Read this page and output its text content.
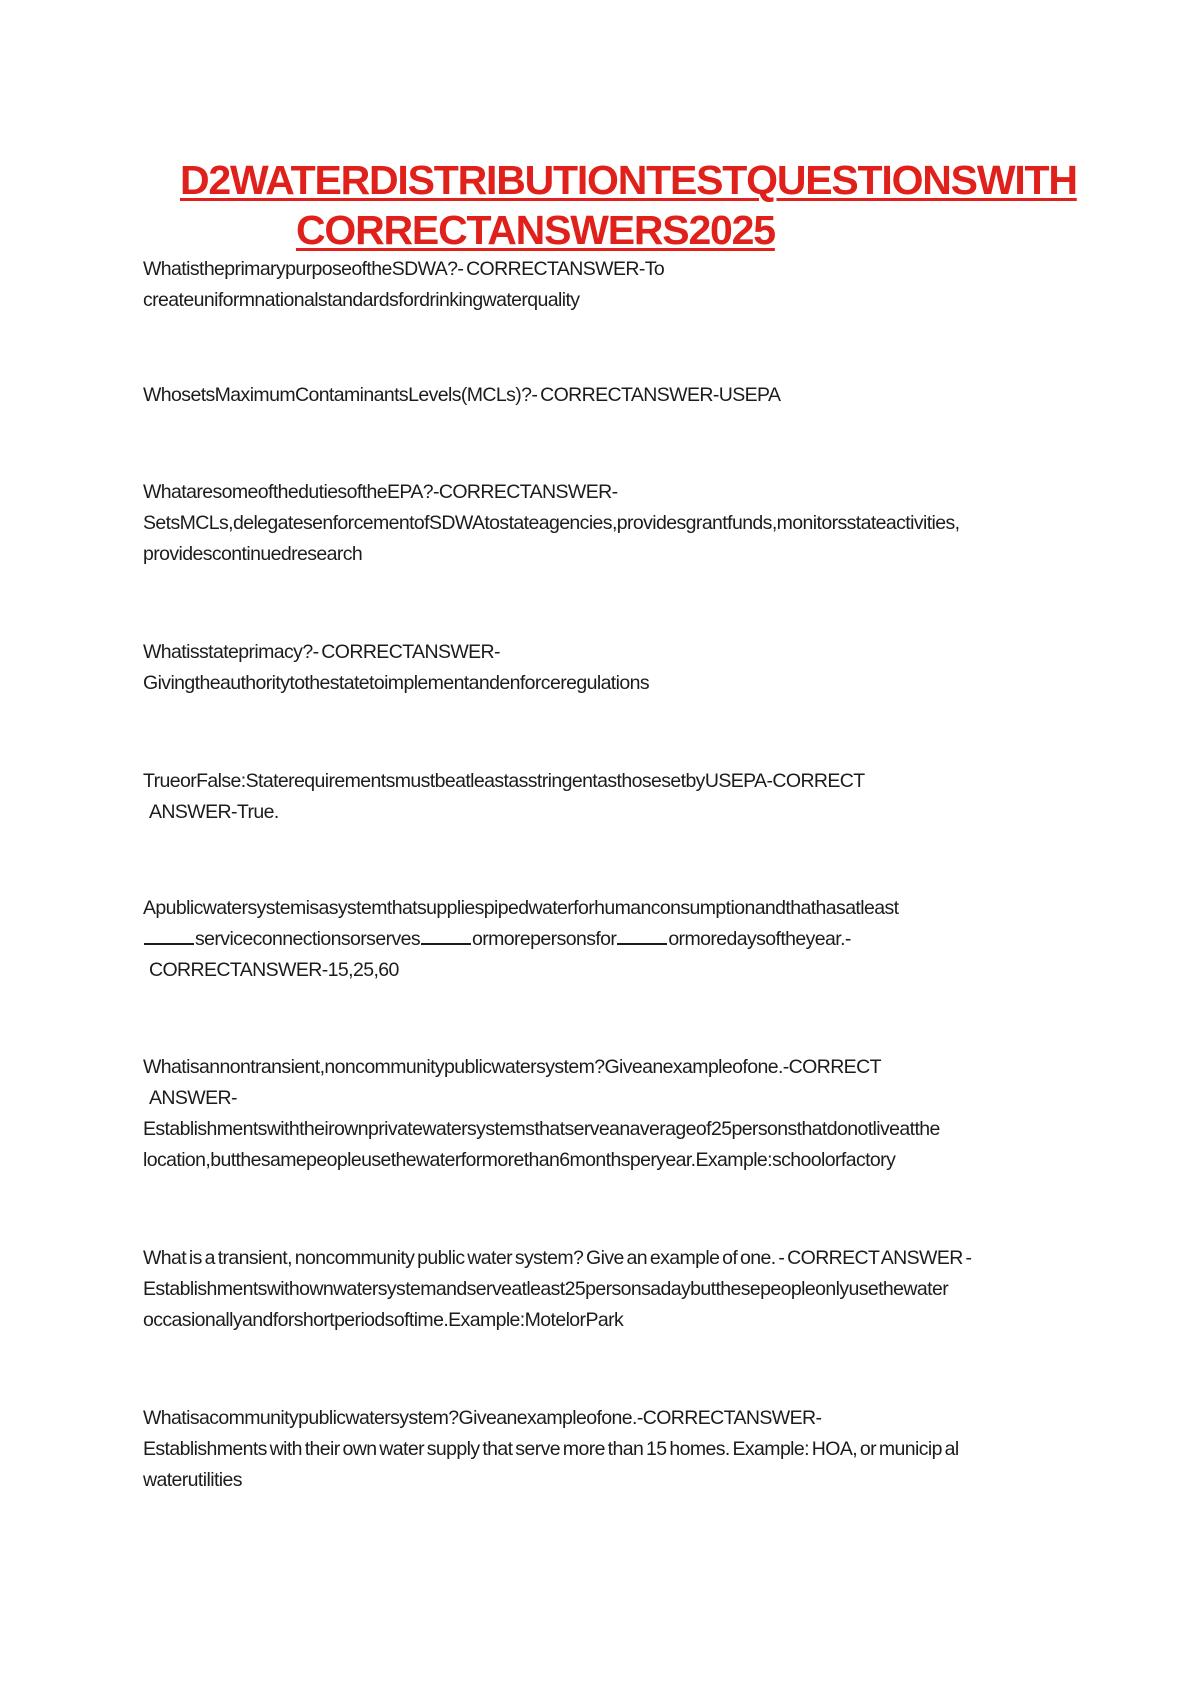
D2WATERDISTRIBUTIONTESTQUESTIONSWITH
CORRECTANSWERS2025
WhatistheprimarypurposeoftheSDWA?- CORRECTANSWER-To
createuniformnationalstandardsfordrinkingwaterquality
WhosetsMaximumContaminantsLevels(MCLs)?- CORRECTANSWER-USEPA
WhataresomeofthedutiesoftheEPA?-CORRECTANSWER-
SetsMCLs,delegatesenforcementofSDWAtostateagencies,providesgrantfunds,monitorsstateactivities,
providescontinuedresearch
Whatisstateprimacy?- CORRECTANSWER-
Givingtheauthoritytothestatetoimplementandenforceregulations
TrueorFalse:StaterequirementsmustbeatleastasstringentasthosesetbyUSEPA-CORRECT
ANSWER-True.
Apublicwatersystemisasystemthatsuppliespipedwaterforhumanconsumptionandthathasatleast
serviceconnectionsorserves	ormorepersonsfor	ormoredaysoftheyear.-
CORRECTANSWER-15,25,60
Whatisannontransient,noncommunitypublicwatersystem?Giveanexampleofone.-CORRECT
ANSWER-
Establishmentswiththeirownprivatewatersystemsthatserveanaverageof25personsthatdonotliveatthe
location,butthesamepeopleusethewaterformorethan6monthsperyear.Example:schoolorfactory
What is a transient, noncommunity public water system? Give an example of one. - CORRECT ANSWER -
Establishmentswithownwatersystemandserveatleast25personsadaybutthesepeopleonlyusethewater
occasionallyandforshortperiodsoftime.Example:MotelorPark
Whatisacommunitypublicwatersystem?Giveanexampleofone.-CORRECTANSWER-
Establishments with their own water supply that serve more than 15 homes. Example: HOA, or municip al
waterutilities
